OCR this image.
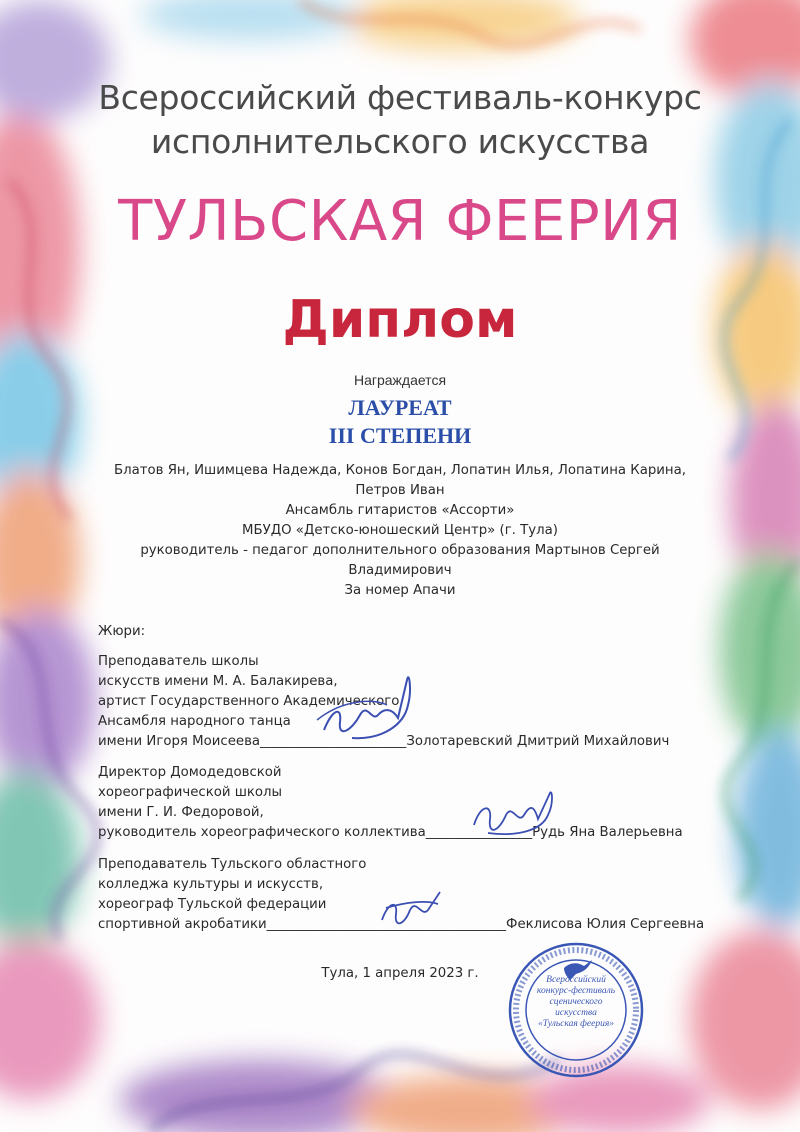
Всероссийский фестиваль-конкурс
исполнительского искусства
ТУЛЬСКАЯ ФЕЕРИЯ
Диплом
Награждается
ЛАУРЕАТ
III СТЕПЕНИ
Блатов Ян, Ишимцева Надежда, Конов Богдан, Лопатин Илья, Лопатина Карина,
Петров Иван
Ансамбль гитаристов «Ассорти»
МБУДО «Детско-юношеский Центр» (г. Тула)
руководитель - педагог дополнительного образования Мартынов Сергей
Владимирович
За номер Апачи
Жюри:
Преподаватель школы
искусств имени М. А. Балакирева,
артист Государственного Академического
Ансамбля народного танца
имени Игоря Моисеева______________________Золотаревский Дмитрий Михайлович
Директор Домодедовской
хореографической школы
имени Г. И. Федоровой,
руководитель хореографического коллектива________________Рудь Яна Валерьевна
Преподаватель Тульского областного
колледжа культуры и искусств,
хореограф Тульской федерации
спортивной акробатики____________________________________Феклисова Юлия Сергеевна
Всероссийский
конкурс-фестиваль
сценического
искусства
«Тульская феерия»
Тула, 1 апреля 2023 г.
